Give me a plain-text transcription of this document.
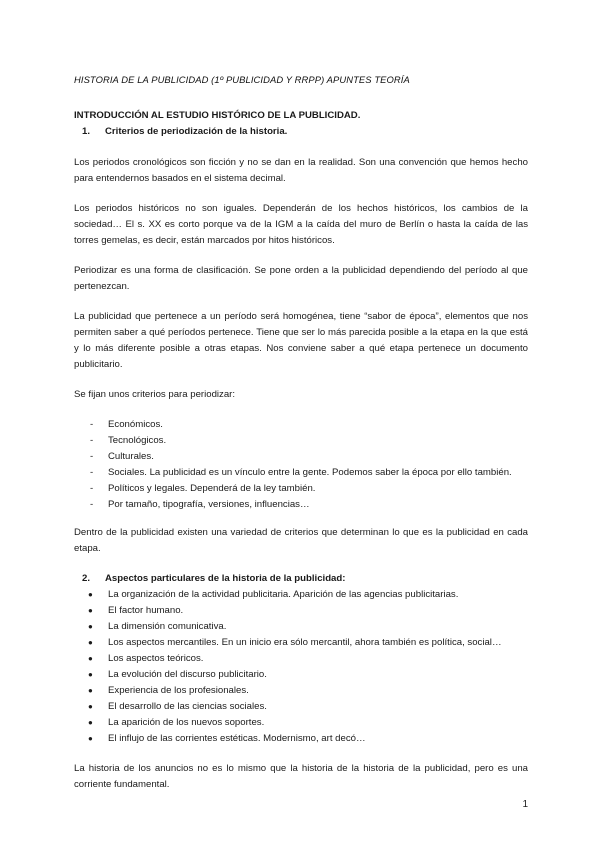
HISTORIA DE LA PUBLICIDAD (1º PUBLICIDAD Y RRPP) APUNTES TEORÍA
INTRODUCCIÓN AL ESTUDIO HISTÓRICO DE LA PUBLICIDAD.
1.	Criterios de periodización de la historia.

Los periodos cronológicos son ficción y no se dan en la realidad. Son una convención que hemos hecho para entendernos basados en el sistema decimal.

Los periodos históricos no son iguales. Dependerán de los hechos históricos, los cambios de la sociedad… El s. XX es corto porque va de la IGM a la caída del muro de Berlín o hasta la caída de las torres gemelas, es decir, están marcados por hitos históricos.

Periodizar es una forma de clasificación. Se pone orden a la publicidad dependiendo del período al que pertenezcan.

La publicidad que pertenece a un período será homogénea, tiene “sabor de época”, elementos que nos permiten saber a qué períodos pertenece. Tiene que ser lo más parecida posible a la etapa en la que está y lo más diferente posible a otras etapas. Nos conviene saber a qué etapa pertenece un documento publicitario.

Se fijan unos criterios para periodizar:

-	Económicos.
-	Tecnológicos.
-	Culturales.
-	Sociales. La publicidad es un vínculo entre la gente. Podemos saber la época por ello también.
-	Políticos y legales. Dependerá de la ley también.
-	Por tamaño, tipografía, versiones, influencias…

Dentro de la publicidad existen una variedad de criterios que determinan lo que es la publicidad en cada etapa.

2.	Aspectos particulares de la historia de la publicidad:
●	La organización de la actividad publicitaria. Aparición de las agencias publicitarias.
●	El factor humano.
●	La dimensión comunicativa.
●	Los aspectos mercantiles. En un inicio era sólo mercantil, ahora también es política, social…
●	Los aspectos teóricos.
●	La evolución del discurso publicitario.
●	Experiencia de los profesionales.
●	El desarrollo de las ciencias sociales.
●	La aparición de los nuevos soportes.
●	El influjo de las corrientes estéticas. Modernismo, art decó…

La historia de los anuncios no es lo mismo que la historia de la historia de la publicidad, pero es una corriente fundamental.

1
